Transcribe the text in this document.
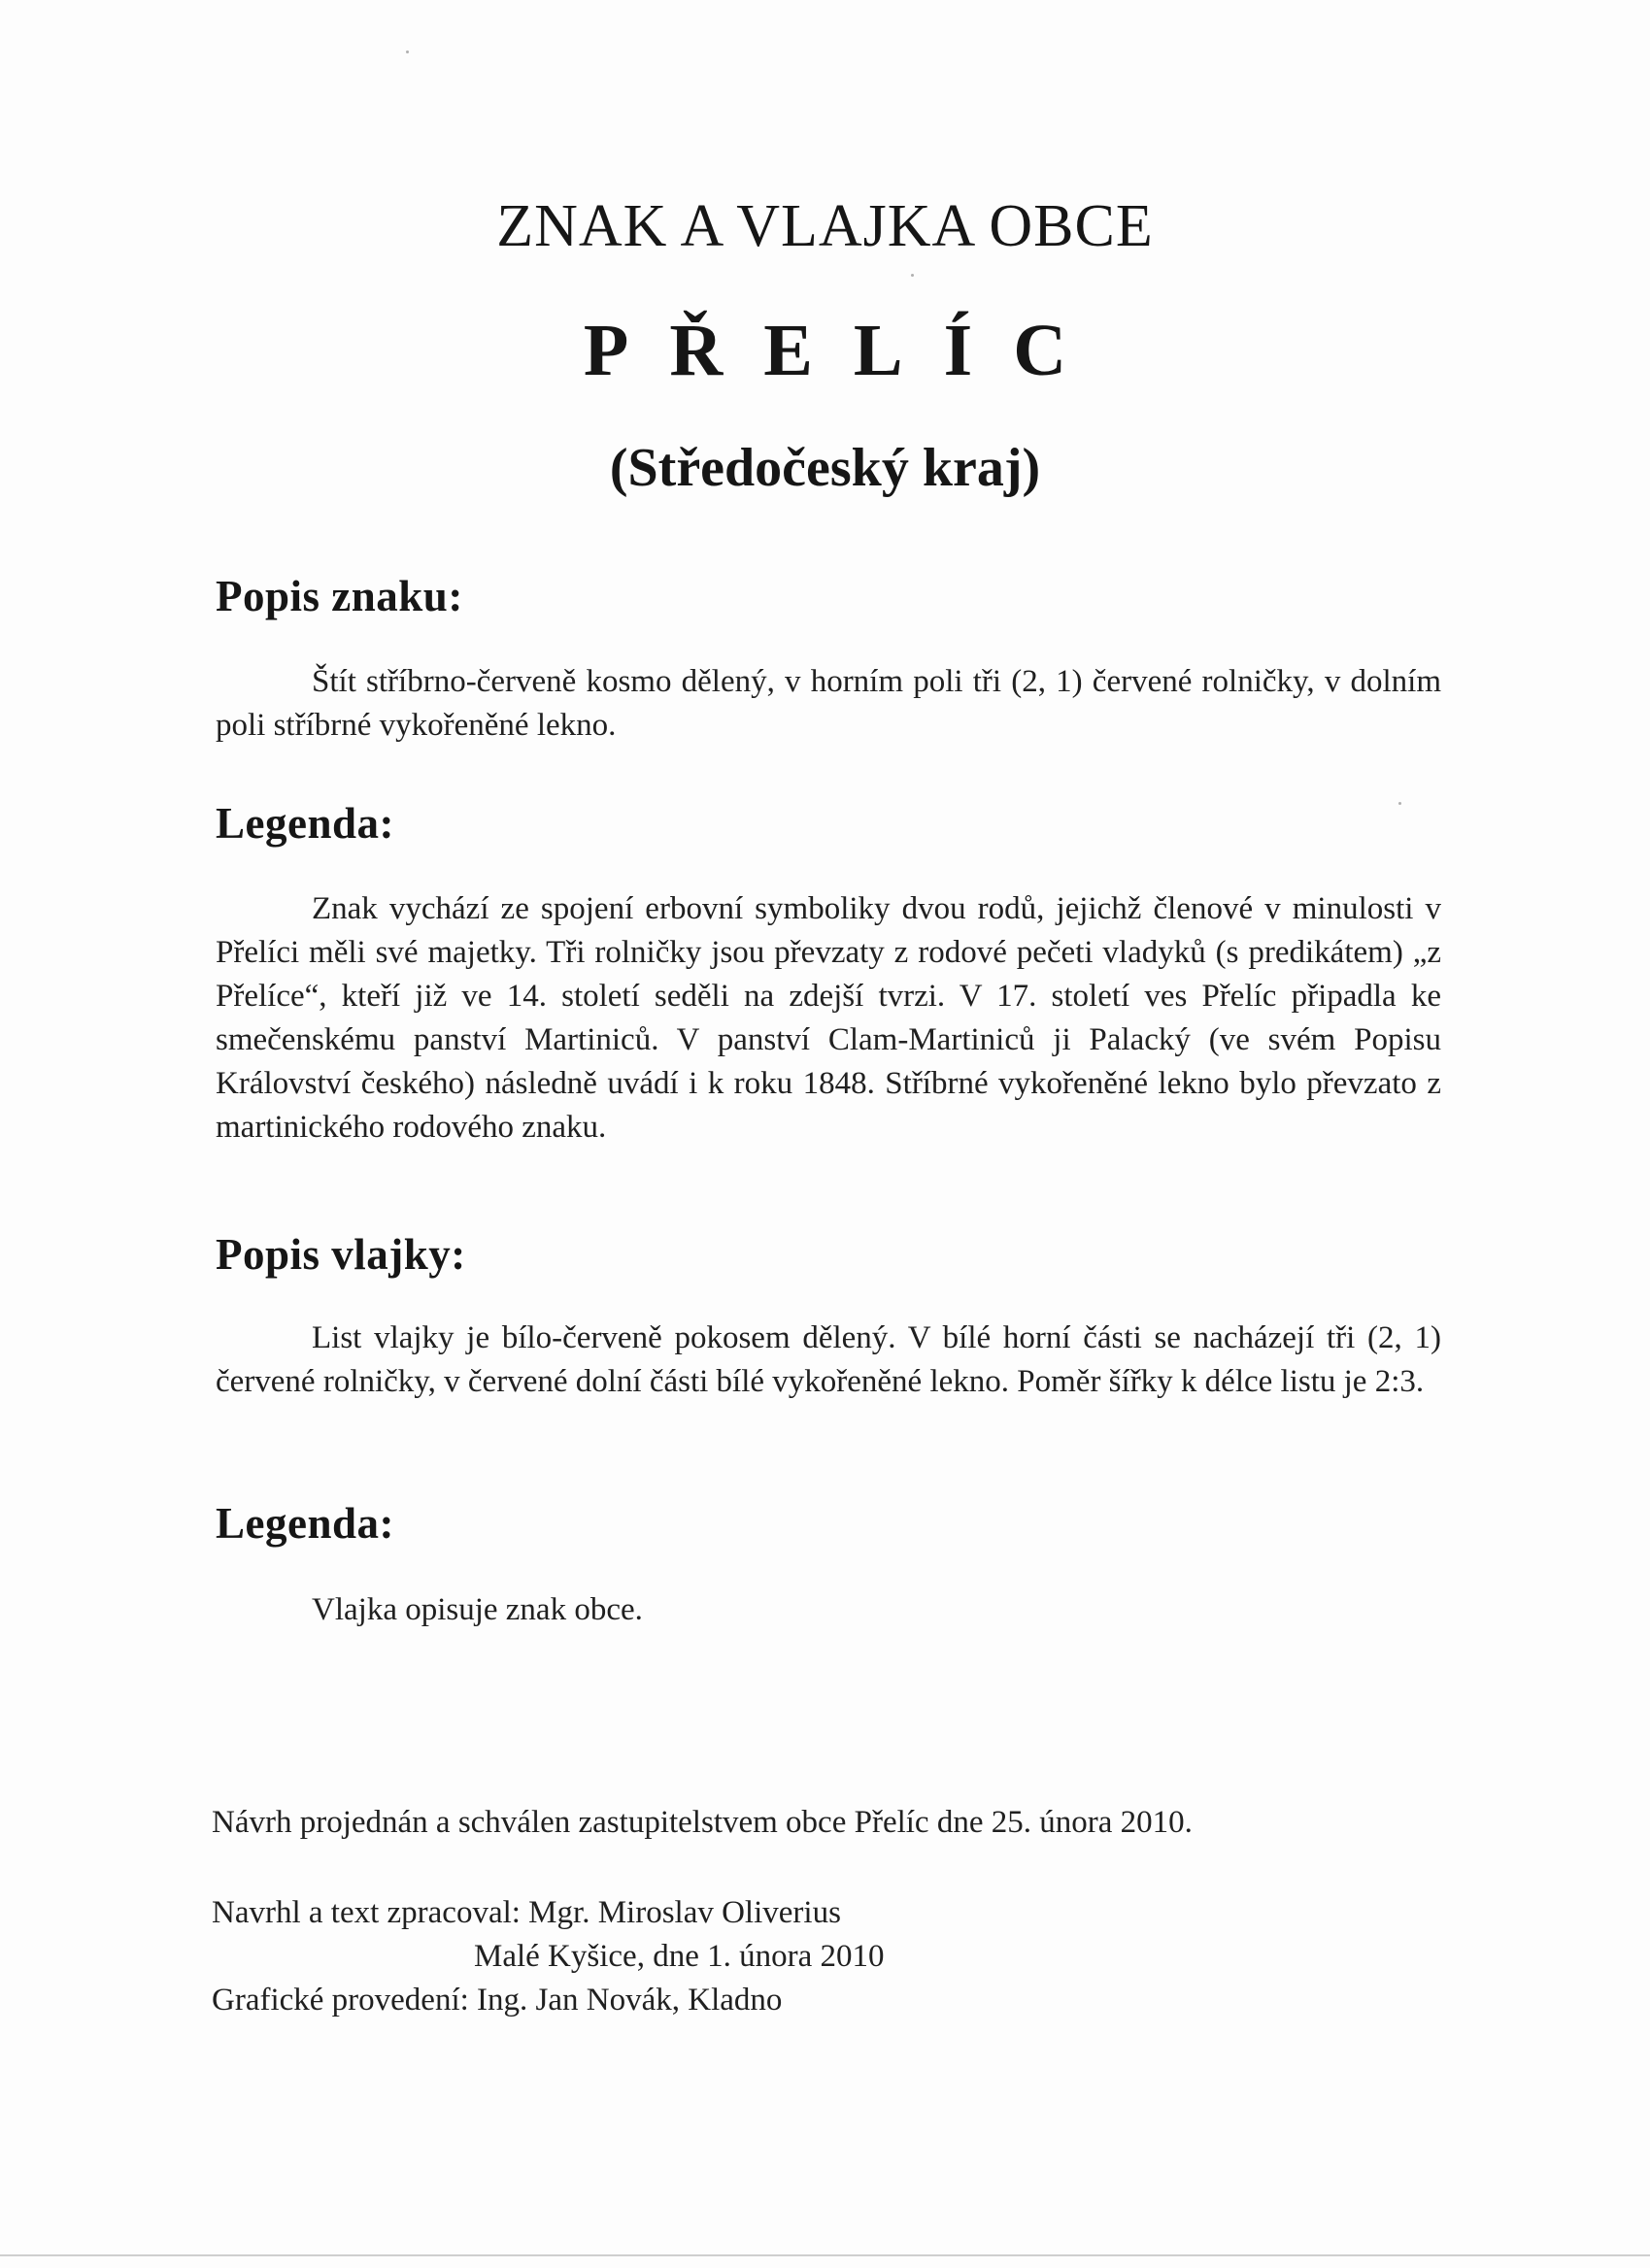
ZNAK A VLAJKA OBCE
PŘELÍC
(Středočeský kraj)
Popis znaku:

Štít stříbrno-červeně kosmo dělený, v horním poli tři (2, 1) červené rolničky, v dolním poli stříbrné vykořeněné lekno.

Legenda:

Znak vychází ze spojení erbovní symboliky dvou rodů, jejichž členové v minulosti v Přelíci měli své majetky. Tři rolničky jsou převzaty z rodové pečeti vladyků (s predikátem) „z Přelíce“, kteří již ve 14. století seděli na zdejší tvrzi. V 17. století ves Přelíc připadla ke smečenskému panství Martiniců. V panství Clam-Martiniců ji Palacký (ve svém Popisu Království českého) následně uvádí i k roku 1848. Stříbrné vykořeněné lekno bylo převzato z martinického rodového znaku.

Popis vlajky:

List vlajky je bílo-červeně pokosem dělený. V bílé horní části se nacházejí tři (2, 1) červené rolničky, v červené dolní části bílé vykořeněné lekno. Poměr šířky k délce listu je 2:3.

Legenda:

Vlajka opisuje znak obce.

Návrh projednán a schválen zastupitelstvem obce Přelíc dne 25. února 2010.

Navrhl a text zpracoval: Mgr. Miroslav Oliverius

Malé Kyšice, dne 1. února 2010

Grafické provedení: Ing. Jan Novák, Kladno
